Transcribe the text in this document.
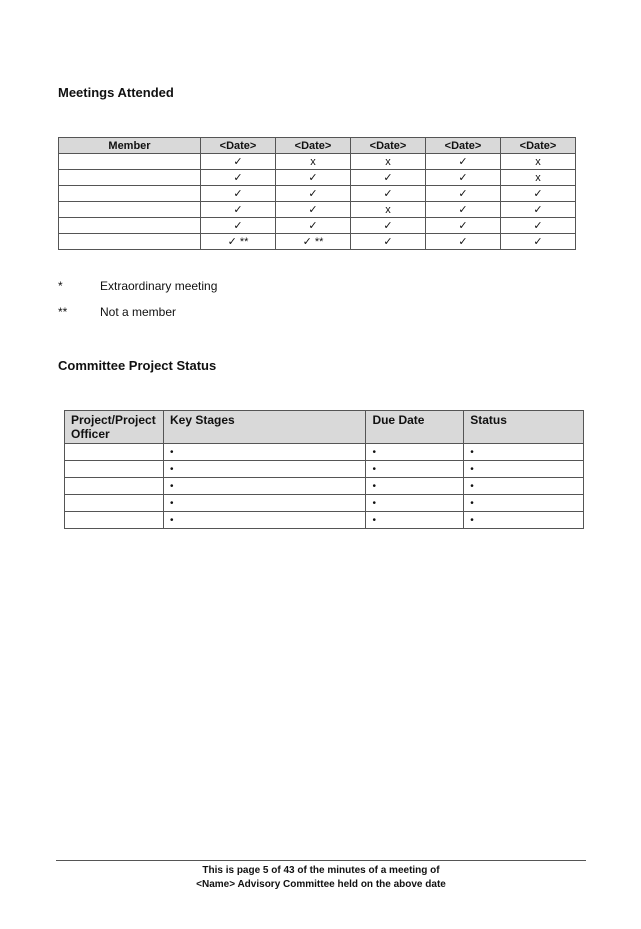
Meetings Attended
Member	<Date>	<Date>	<Date>	<Date>	<Date>
	✓	x	x	✓	x
	✓	✓	✓	✓	x
	✓	✓	✓	✓	✓
	✓	✓	x	✓	✓
	✓	✓	✓	✓	✓
	✓ **	✓ **	✓	✓	✓
*	Extraordinary meeting
**	Not a member
Committee Project Status
Project/Project Officer	Key Stages	Due Date	Status
	•	•	•
	•	•	•
	•	•	•
	•	•	•
	•	•	•
This is page 5 of 43 of the minutes of a meeting of
<Name> Advisory Committee held on the above date
